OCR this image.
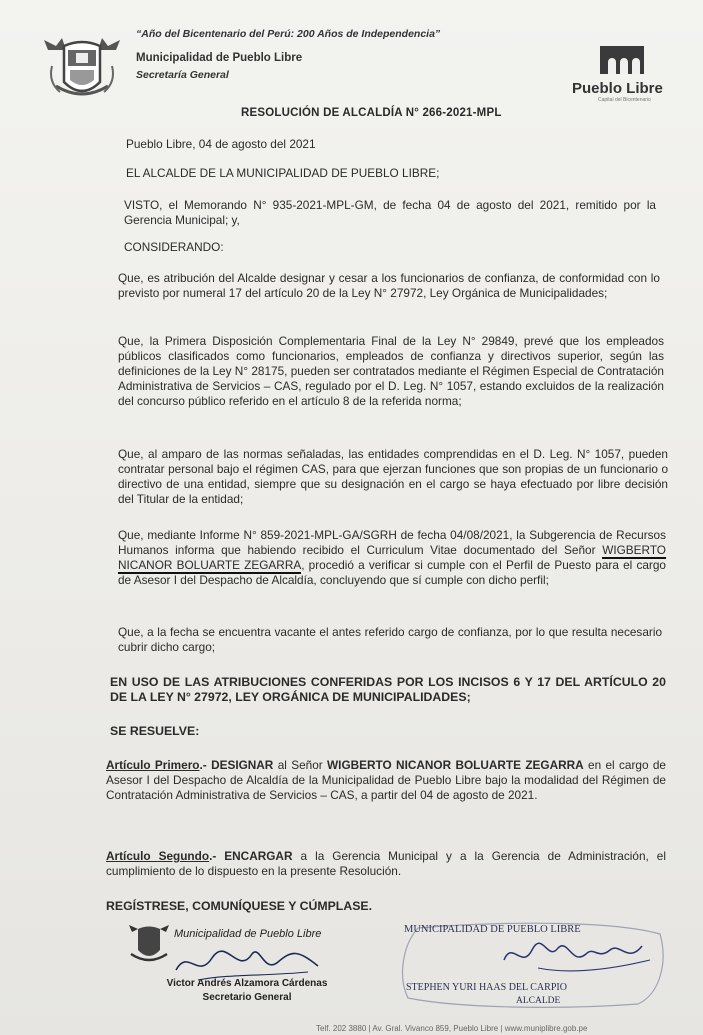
“Año del Bicentenario del Perú: 200 Años de Independencia”
Municipalidad de Pueblo Libre
Secretaría General
Pueblo Libre
Capital del Bicentenario
RESOLUCIÓN DE ALCALDÍA N° 266-2021-MPL
Pueblo Libre, 04 de agosto del 2021
EL ALCALDE DE LA MUNICIPALIDAD DE PUEBLO LIBRE;
VISTO, el Memorando N° 935-2021-MPL-GM, de fecha 04 de agosto del 2021, remitido por la Gerencia Municipal; y,
CONSIDERANDO:
Que, es atribución del Alcalde designar y cesar a los funcionarios de confianza, de conformidad con lo previsto por numeral 17 del artículo 20 de la Ley N° 27972, Ley Orgánica de Municipalidades;
Que, la Primera Disposición Complementaria Final de la Ley N° 29849, prevé que los empleados públicos clasificados como funcionarios, empleados de confianza y directivos superior, según las definiciones de la Ley N° 28175, pueden ser contratados mediante el Régimen Especial de Contratación Administrativa de Servicios – CAS, regulado por el D. Leg. N° 1057, estando excluidos de la realización del concurso público referido en el artículo 8 de la referida norma;
Que, al amparo de las normas señaladas, las entidades comprendidas en el D. Leg. N° 1057, pueden contratar personal bajo el régimen CAS, para que ejerzan funciones que son propias de un funcionario o directivo de una entidad, siempre que su designación en el cargo se haya efectuado por libre decisión del Titular de la entidad;
Que, mediante Informe N° 859-2021-MPL-GA/SGRH de fecha 04/08/2021, la Subgerencia de Recursos Humanos informa que habiendo recibido el Curriculum Vitae documentado del Señor WIGBERTO NICANOR BOLUARTE ZEGARRA, procedió a verificar si cumple con el Perfil de Puesto para el cargo de Asesor I del Despacho de Alcaldía, concluyendo que sí cumple con dicho perfil;
Que, a la fecha se encuentra vacante el antes referido cargo de confianza, por lo que resulta necesario cubrir dicho cargo;
EN USO DE LAS ATRIBUCIONES CONFERIDAS POR LOS INCISOS 6 Y 17 DEL ARTÍCULO 20 DE LA LEY N° 27972, LEY ORGÁNICA DE MUNICIPALIDADES;
SE RESUELVE:
Artículo Primero.- DESIGNAR al Señor WIGBERTO NICANOR BOLUARTE ZEGARRA en el cargo de Asesor I del Despacho de Alcaldía de la Municipalidad de Pueblo Libre bajo la modalidad del Régimen de Contratación Administrativa de Servicios – CAS, a partir del 04 de agosto de 2021.
Artículo Segundo.- ENCARGAR a la Gerencia Municipal y a la Gerencia de Administración, el cumplimiento de lo dispuesto en la presente Resolución.
REGÍSTRESE, COMUNÍQUESE Y CÚMPLASE.
Municipalidad de Pueblo Libre
Victor Andrés Alzamora Cárdenas
Secretario General
MUNICIPALIDAD DE PUEBLO LIBRE
STEPHEN YURI HAAS DEL CARPIO
ALCALDE
Telf. 202 3880 | Av. Gral. Vivanco 859, Pueblo Libre | www.muniplibre.gob.pe
